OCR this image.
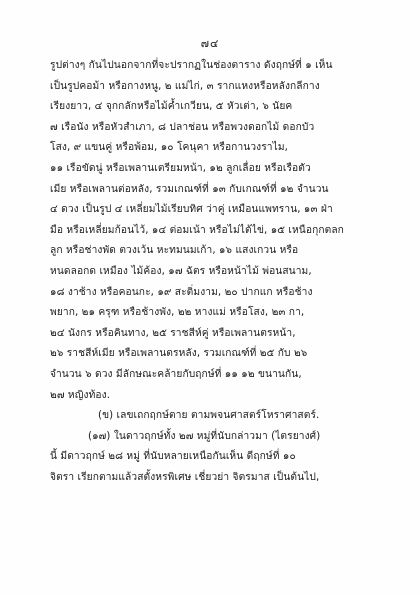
๗๔
รูปต่างๆ กันไปนอกจากที่จะปรากฏในช่องตาราง ดังฤกษ์ที่ ๑ เห็น
เป็นรูปคอม้า หรือกางหนู, ๒ แม่ไก่, ๓ รากแหงหรือหลังกลีกาง
เรียงยาว, ๔ จุกกลักหรือไม้ค้ำเกวียน, ๕ หัวเต่า, ๖ นัยค
๗ เรือนัง หรือหัวสำเภา, ๘ ปลาช่อน หรือพวงดอกไม้ ดอกบัว
โสง, ๙ แขนคู่ หรือพ้อม, ๑๐ โคนุคา หรือกานวงราไม,
๑๑ เรือขัดนู่ หรือเพลานเตรียมหน้า, ๑๒ ลูกเลื่อย หรือเรือตัว
เมีย หรือเพลานต่อหลัง, รวมเกณฑ์ที่ ๑๓ กับเกณฑ์ที่ ๑๒ จำนวน
๔ ดวง เป็นรูป ๔ เหลี่ยมไม้เรียบทิศ ว่าคู่ เหมือนแพทราน, ๑๓ ฝ่า
มือ หรือเหลี่ยมก้อนไว้, ๑๔ ต่อมเน้า หรือไม่ไต้ไข่, ๑๕ เหนือกุกตลก
ลูก หรือช่างพัด ตวงเว้น หะทมนมเก้า, ๑๖ แสงเกวน หรือ
หนดลอกด เหมือง ไม้ค้อง, ๑๗ ฉัตร หรือหน้าไม้ พ่อนสนาม,
๑๘ งาช้าง หรือคอนกะ, ๑๙ สะติ่มงาม, ๒๐ ปากแก หรือช้าง
พยาก, ๒๑ ครุฑ หรือช้างพัง, ๒๒ หางแม่ หรือโสง, ๒๓ กา,
๒๔ นังกร หรือคินทาง, ๒๕ ราชสีห์คู่ หรือเพลานตรหน้า,
๒๖ ราชสีห์เมีย หรือเพลานตรหลัง, รวมเกณฑ์ที่ ๒๕ กับ ๒๖
จำนวน ๖ ดวง มีลักษณะคล้ายกับฤกษ์ที่ ๑๑ ๑๒ ขนานกัน,
๒๗ หญิงท้อง.
(ข) เลขเถกฤกษ์ตาย ตามพจนศาสตร์โหราศาสตร์.
(๑๗) ในดาวฤกษ์ทั้ง ๒๗ หมู่ที่นับกล่าวมา (ไตรยางศ์)
นี้ มีดาวฤกษ์ ๒๘ หมู่ ที่นับหลายเหนือกันเห็น ดีฤกษ์ที่ ๑๐
จิตรา เรียกตามแล้วสตั้งหรพิเศษ เชี่ยวย่า จิตรมาส เป็นต้นไป,
